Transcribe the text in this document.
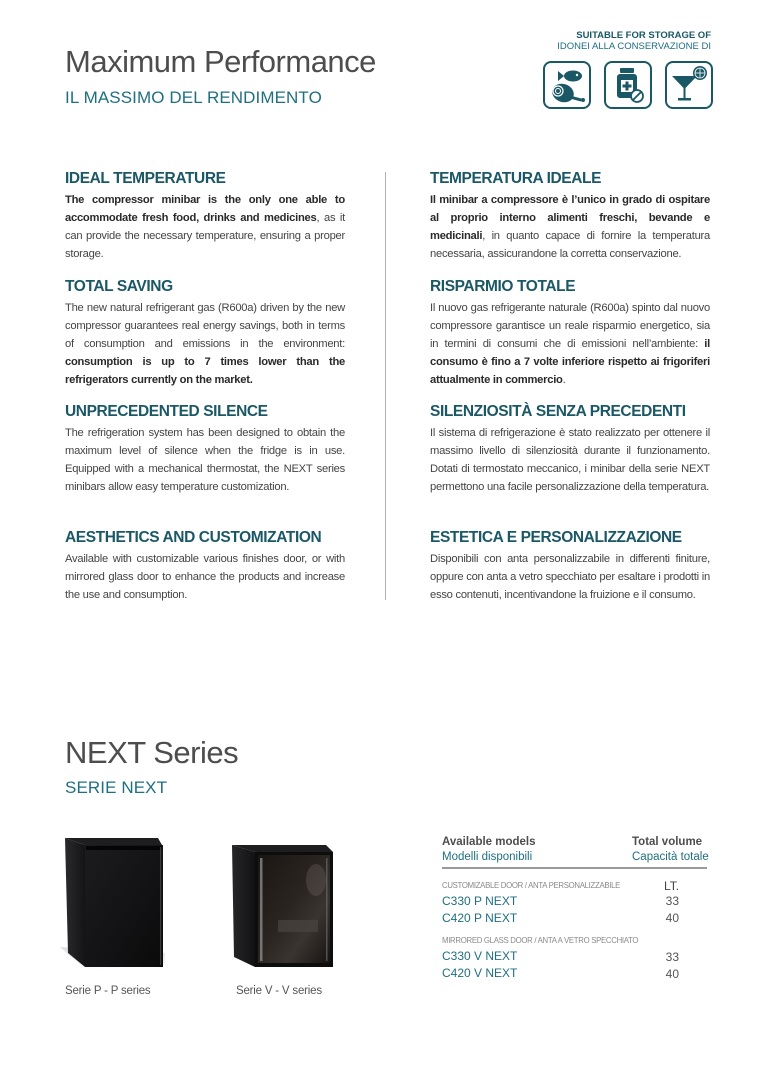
Maximum Performance
IL MASSIMO DEL RENDIMENTO
SUITABLE FOR STORAGE OF
IDONEI ALLA CONSERVAZIONE DI
IDEAL TEMPERATURE

The compressor minibar is the only one able to accommodate fresh food, drinks and medicines, as it can provide the necessary temperature, ensuring a proper storage.

TOTAL SAVING

The new natural refrigerant gas (R600a) driven by the new compressor guarantees real energy savings, both in terms of consumption and emissions in the environment: consumption is up to 7 times lower than the refrigerators currently on the market.

UNPRECEDENTED SILENCE

The refrigeration system has been designed to obtain the maximum level of silence when the fridge is in use. Equipped with a mechanical thermostat, the NEXT series minibars allow easy temperature customization.

AESTHETICS AND CUSTOMIZATION

Available with customizable various finishes door, or with mirrored glass door to enhance the products and increase the use and consumption.

TEMPERATURA IDEALE

Il minibar a compressore è l’unico in grado di ospitare al proprio interno alimenti freschi, bevande e medicinali, in quanto capace di fornire la temperatura necessaria, assicurandone la corretta conservazione.

RISPARMIO TOTALE

Il nuovo gas refrigerante naturale (R600a) spinto dal nuovo compressore garantisce un reale risparmio energetico, sia in termini di consumi che di emissioni nell’ambiente: il consumo è fino a 7 volte inferiore rispetto ai frigoriferi attualmente in commercio.

SILENZIOSITÀ SENZA PRECEDENTI

Il sistema di refrigerazione è stato realizzato per ottenere il massimo livello di silenziosità durante il funzionamento. Dotati di termostato meccanico, i minibar della serie NEXT permettono una facile personalizzazione della temperatura.

ESTETICA E PERSONALIZZAZIONE

Disponibili con anta personalizzabile in differenti finiture, oppure con anta a vetro specchiato per esaltare i prodotti in esso contenuti, incentivandone la fruizione e il consumo.

NEXT Series
SERIE NEXT
Serie P - P series	Serie V - V series
Available models
Modelli disponibili
Total volume
Capacità totale
CUSTOMIZABLE DOOR / ANTA PERSONALIZZABILE	LT.
C330 P NEXT	33
C420 P NEXT	40
MIRRORED GLASS DOOR / ANTA A VETRO SPECCHIATO
C330 V NEXT	33
C420 V NEXT	40
